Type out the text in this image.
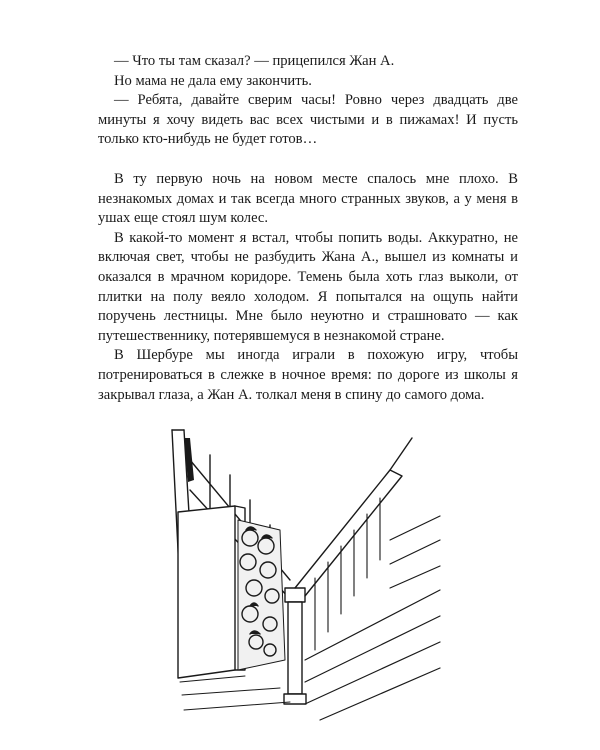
— Что ты там сказал? — прицепился Жан А.

Но мама не дала ему закончить.

— Ребята, давайте сверим часы! Ровно через двадцать две минуты я хочу видеть вас всех чистыми и в пижамах! И пусть только кто-нибудь не будет готов…

В ту первую ночь на новом месте спалось мне плохо. В незнакомых домах и так всегда много странных звуков, а у меня в ушах еще стоял шум колес.

В какой-то момент я встал, чтобы попить воды. Аккуратно, не включая свет, чтобы не разбудить Жана А., вышел из комнаты и оказался в мрачном коридоре. Темень была хоть глаз выколи, от плитки на полу веяло холодом. Я попытался на ощупь найти поручень лестницы. Мне было неуютно и страшновато — как путешественнику, потерявшемуся в незнакомой стране.

В Шербуре мы иногда играли в похожую игру, чтобы потренироваться в слежке в ночное время: по дороге из школы я закрывал глаза, а Жан А. толкал меня в спину до самого дома.
